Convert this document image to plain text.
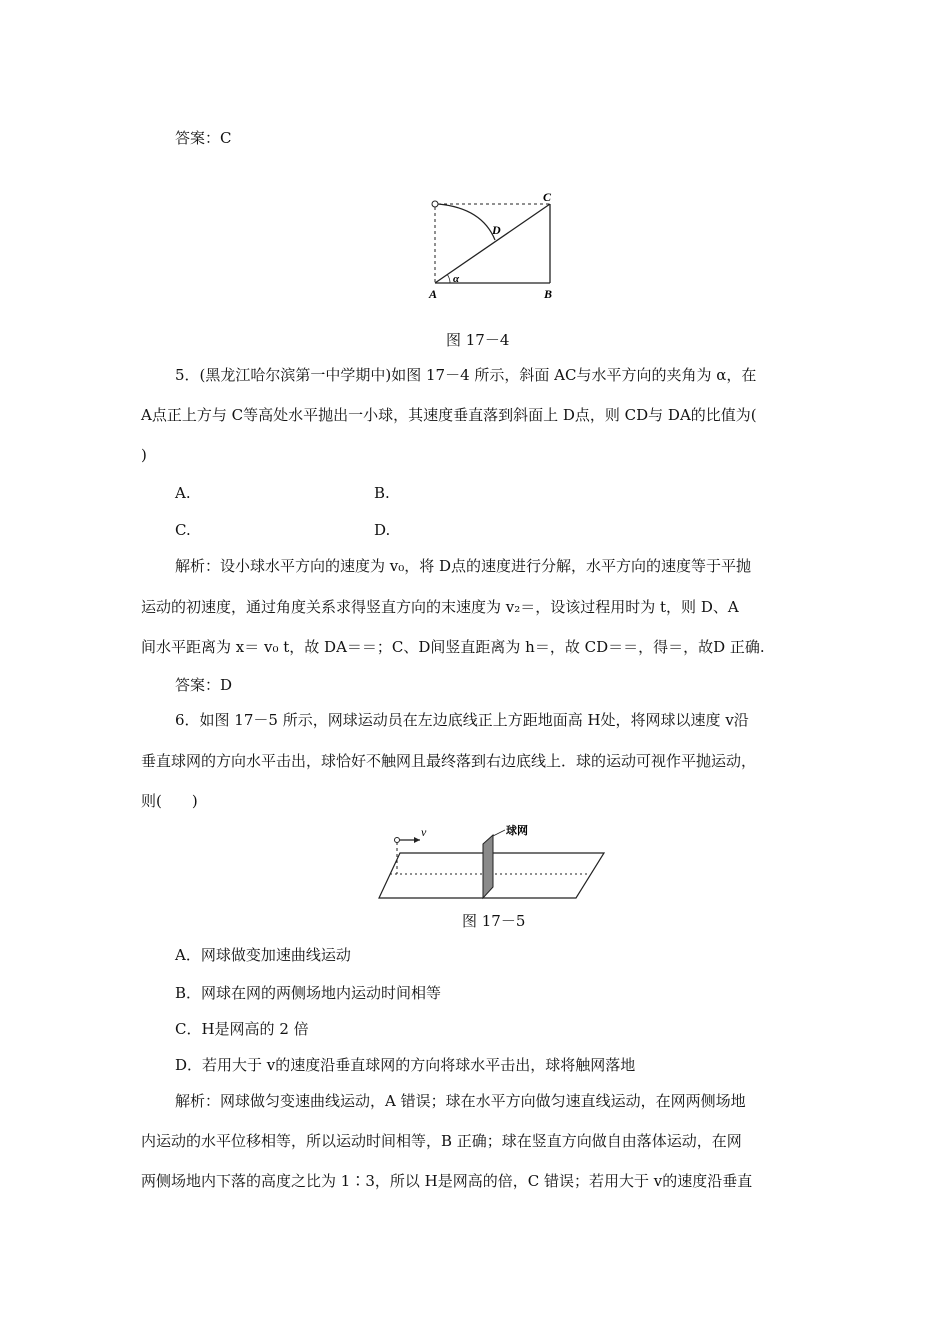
答案：C
A	B
C
D
α
图 17－4
5．(黑龙江哈尔滨第一中学期中)如图 17－4 所示，斜面 AC与水平方向的夹角为 α，在
A点正上方与 C等高处水平抛出一小球，其速度垂直落到斜面上 D点，则 CD与 DA的比值为(
)
A.	B.
C.	D.
解析：设小球水平方向的速度为 v₀，将 D点的速度进行分解，水平方向的速度等于平抛
运动的初速度，通过角度关系求得竖直方向的末速度为 v₂＝，设该过程用时为 t，则 D、A
间水平距离为 x＝ v₀ t，故 DA＝＝；C、D间竖直距离为 h＝，故 CD＝＝，得＝，故D 正确.
答案：D
6．如图 17－5 所示，网球运动员在左边底线正上方距地面高 H处，将网球以速度 v沿
垂直球网的方向水平击出，球恰好不触网且最终落到右边底线上．球的运动可视作平抛运动，
则(　　)
v	球网
图 17－5
A．网球做变加速曲线运动
B．网球在网的两侧场地内运动时间相等
C．H是网高的 2 倍
D．若用大于 v的速度沿垂直球网的方向将球水平击出，球将触网落地
解析：网球做匀变速曲线运动，A 错误；球在水平方向做匀速直线运动，在网两侧场地
内运动的水平位移相等，所以运动时间相等，B 正确；球在竖直方向做自由落体运动，在网
两侧场地内下落的高度之比为 1∶3，所以 H是网高的倍，C 错误；若用大于 v的速度沿垂直
